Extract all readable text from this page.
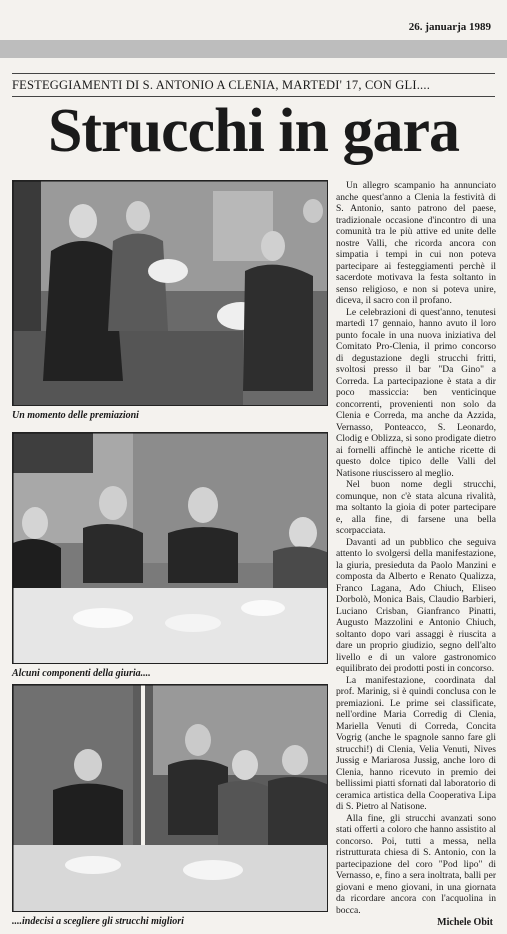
26. januarja 1989
FESTEGGIAMENTI DI S. ANTONIO A CLENIA, MARTEDI' 17, CON GLI....
Strucchi in gara
Un momento delle premiazioni
Alcuni componenti della giuria....
....indecisi a scegliere gli strucchi migliori

Un allegro scampanio ha annunciato anche quest'anno a Clenia la festività di S. Antonio, santo patrono del paese, tradizionale occasione d'incontro di una comunità tra le più attive ed unite delle nostre Valli, che ricorda ancora con simpatia i tempi in cui non poteva partecipare ai festeggiamenti perchè il sacerdote motivava la festa soltanto in senso religioso, e non si poteva unire, diceva, il sacro con il profano.

Le celebrazioni di quest'anno, tenutesi martedì 17 gennaio, hanno avuto il loro punto focale in una nuova iniziativa del Comitato Pro-Clenia, il primo concorso di degustazione degli strucchi fritti, svoltosi presso il bar "Da Gino" a Correda. La partecipazione è stata a dir poco massiccia: ben venticinque concorrenti, provenienti non solo da Clenia e Correda, ma anche da Azzida, Vernasso, Ponteacco, S. Leonardo, Clodig e Oblizza, si sono prodigate dietro ai fornelli affinchè le antiche ricette di questo dolce tipico delle Valli del Natisone riuscissero al meglio.

Nel buon nome degli strucchi, comunque, non c'è stata alcuna rivalità, ma soltanto la gioia di poter partecipare e, alla fine, di farsene una bella scorpacciata.

Davanti ad un pubblico che seguiva attento lo svolgersi della manifestazione, la giuria, presieduta da Paolo Manzini e composta da Alberto e Renato Qualizza, Franco Lagana, Ado Chiuch, Eliseo Dorbolò, Monica Bais, Claudio Barbieri, Luciano Crisban, Gianfranco Pinatti, Augusto Mazzolini e Antonio Chiuch, soltanto dopo vari assaggi è riuscita a dare un proprio giudizio, segno dell'alto livello e di un valore gastronomico equilibrato dei prodotti posti in concorso.

La manifestazione, coordinata dal prof. Marinig, si è quindi conclusa con le premiazioni. Le prime sei classificate, nell'ordine Maria Corredig di Clenia, Mariella Venuti di Correda, Concita Vogrig (anche le spagnole sanno fare gli strucchi!) di Clenia, Velia Venuti, Nives Jussig e Mariarosa Jussig, anche loro di Clenia, hanno ricevuto in premio dei bellissimi piatti sfornati dal laboratorio di ceramica artistica della Cooperativa Lipa di S. Pietro al Natisone.

Alla fine, gli strucchi avanzati sono stati offerti a coloro che hanno assistito al concorso. Poi, tutti a messa, nella ristrutturata chiesa di S. Antonio, con la partecipazione del coro "Pod lipo" di Vernasso, e, fino a sera inoltrata, balli per giovani e meno giovani, in una giornata da ricordare ancora con l'acquolina in bocca.

Michele Obit
